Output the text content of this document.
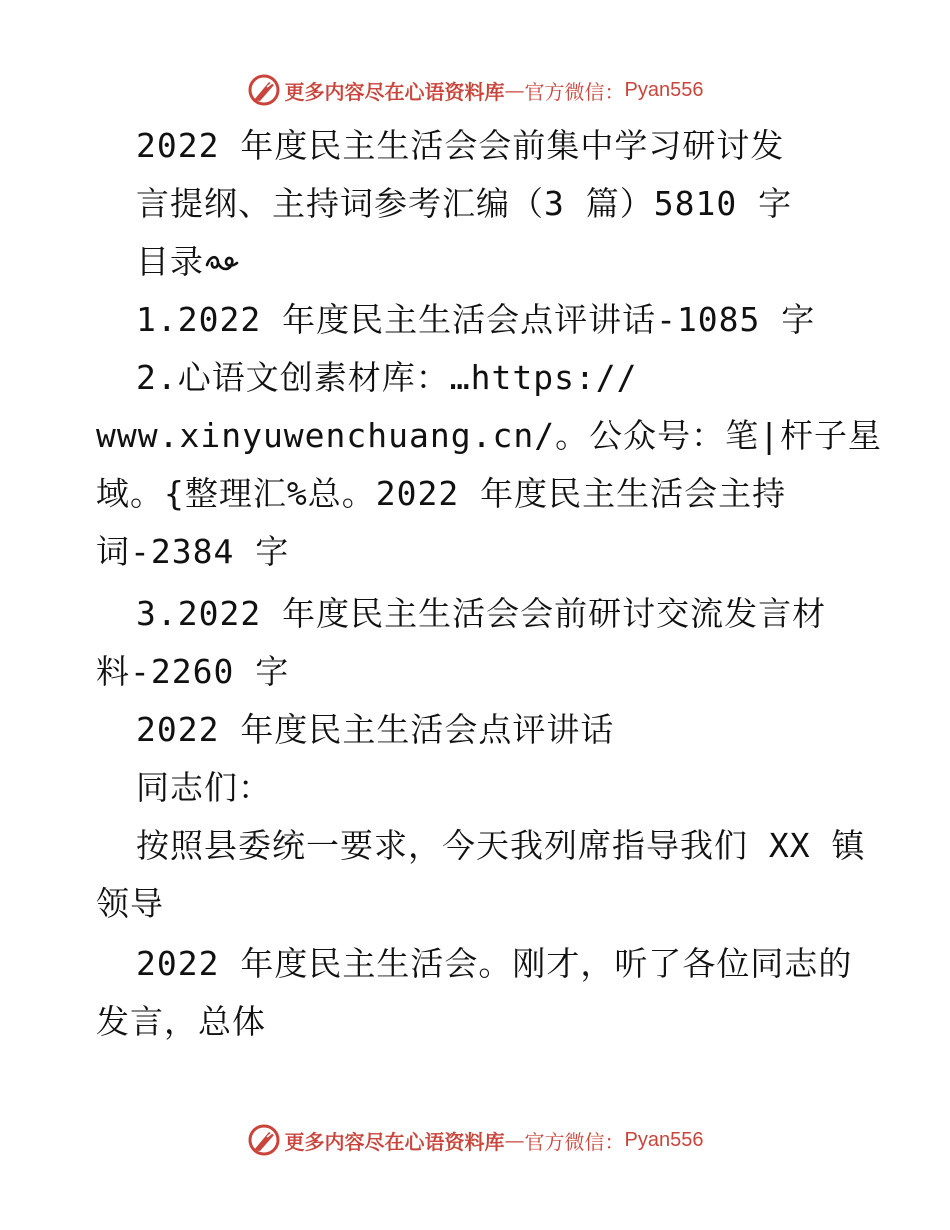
更多内容尽在心语资料库 — 官方微信： Pyan556
2022 年度民主生活会会前集中学习研讨发
言提纲、主持词参考汇编（3 篇）5810 字
目录
1.2022 年度民主生活会点评讲话-1085 字
2.心语文创素材库：…https://
www.xinyuwenchuang.cn/。公众号：笔|杆子星
域。{整理汇%总。2022 年度民主生活会主持
词-2384 字
3.2022 年度民主生活会会前研讨交流发言材
料-2260 字
2022 年度民主生活会点评讲话
同志们：
按照县委统一要求，今天我列席指导我们 XX 镇
领导
2022 年度民主生活会。刚才，听了各位同志的
发言，总体
更多内容尽在心语资料库 — 官方微信： Pyan556
